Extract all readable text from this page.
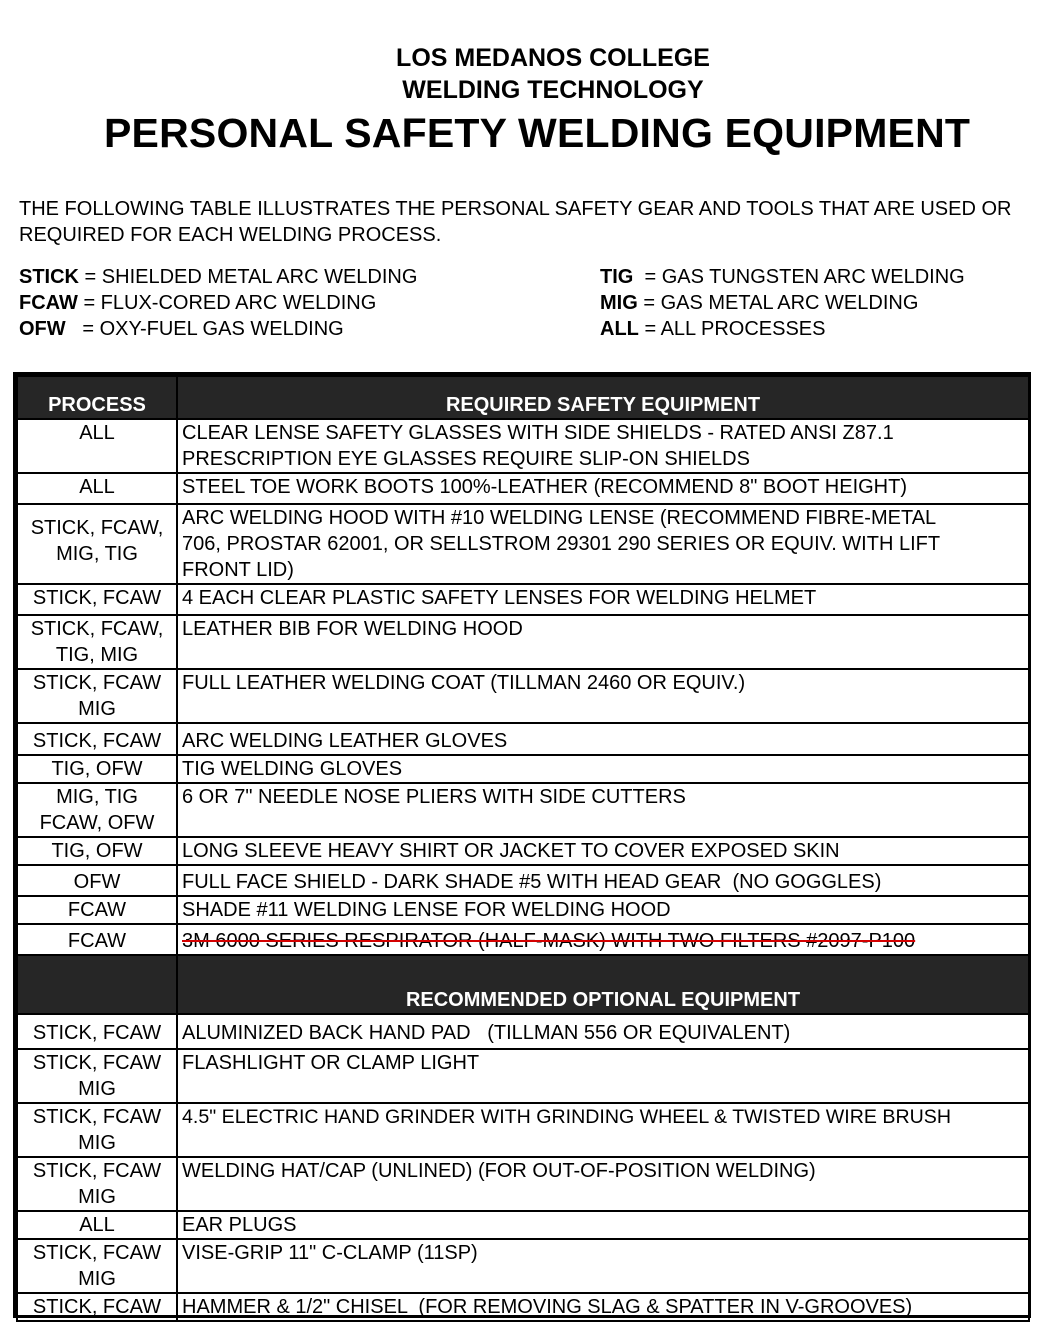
LOS MEDANOS COLLEGE
WELDING TECHNOLOGY
PERSONAL SAFETY WELDING EQUIPMENT
THE FOLLOWING TABLE ILLUSTRATES THE PERSONAL SAFETY GEAR AND TOOLS THAT ARE USED OR REQUIRED FOR EACH WELDING PROCESS.
STICK = SHIELDED METAL ARC WELDING
FCAW = FLUX-CORED ARC WELDING
OFW   = OXY-FUEL GAS WELDING
TIG  = GAS TUNGSTEN ARC WELDING
MIG = GAS METAL ARC WELDING
ALL = ALL PROCESSES
PROCESS	REQUIRED SAFETY EQUIPMENT
ALL	CLEAR LENSE SAFETY GLASSES WITH SIDE SHIELDS - RATED ANSI Z87.1
PRESCRIPTION EYE GLASSES REQUIRE SLIP-ON SHIELDS
ALL	STEEL TOE WORK BOOTS 100%-LEATHER (RECOMMEND 8" BOOT HEIGHT)
STICK, FCAW,
MIG, TIG	ARC WELDING HOOD WITH #10 WELDING LENSE (RECOMMEND FIBRE-METAL
706, PROSTAR 62001, OR SELLSTROM 29301 290 SERIES OR EQUIV. WITH LIFT
FRONT LID)
STICK, FCAW	4 EACH CLEAR PLASTIC SAFETY LENSES FOR WELDING HELMET
STICK, FCAW,
TIG, MIG	LEATHER BIB FOR WELDING HOOD
STICK, FCAW
MIG	FULL LEATHER WELDING COAT (TILLMAN 2460 OR EQUIV.)
STICK, FCAW	ARC WELDING LEATHER GLOVES
TIG, OFW	TIG WELDING GLOVES
MIG, TIG
FCAW, OFW	6 OR 7" NEEDLE NOSE PLIERS WITH SIDE CUTTERS
TIG, OFW	LONG SLEEVE HEAVY SHIRT OR JACKET TO COVER EXPOSED SKIN
OFW	FULL FACE SHIELD - DARK SHADE #5 WITH HEAD GEAR  (NO GOGGLES)
FCAW	SHADE #11 WELDING LENSE FOR WELDING HOOD
FCAW	3M 6000 SERIES RESPIRATOR (HALF-MASK) WITH TWO FILTERS #2097-P100
	RECOMMENDED OPTIONAL EQUIPMENT
STICK, FCAW	ALUMINIZED BACK HAND PAD   (TILLMAN 556 OR EQUIVALENT)
STICK, FCAW
MIG	FLASHLIGHT OR CLAMP LIGHT
STICK, FCAW
MIG	4.5" ELECTRIC HAND GRINDER WITH GRINDING WHEEL & TWISTED WIRE BRUSH
STICK, FCAW
MIG	WELDING HAT/CAP (UNLINED) (FOR OUT-OF-POSITION WELDING)
ALL	EAR PLUGS
STICK, FCAW
MIG	VISE-GRIP 11" C-CLAMP (11SP)
STICK, FCAW	HAMMER & 1/2" CHISEL  (FOR REMOVING SLAG & SPATTER IN V-GROOVES)
